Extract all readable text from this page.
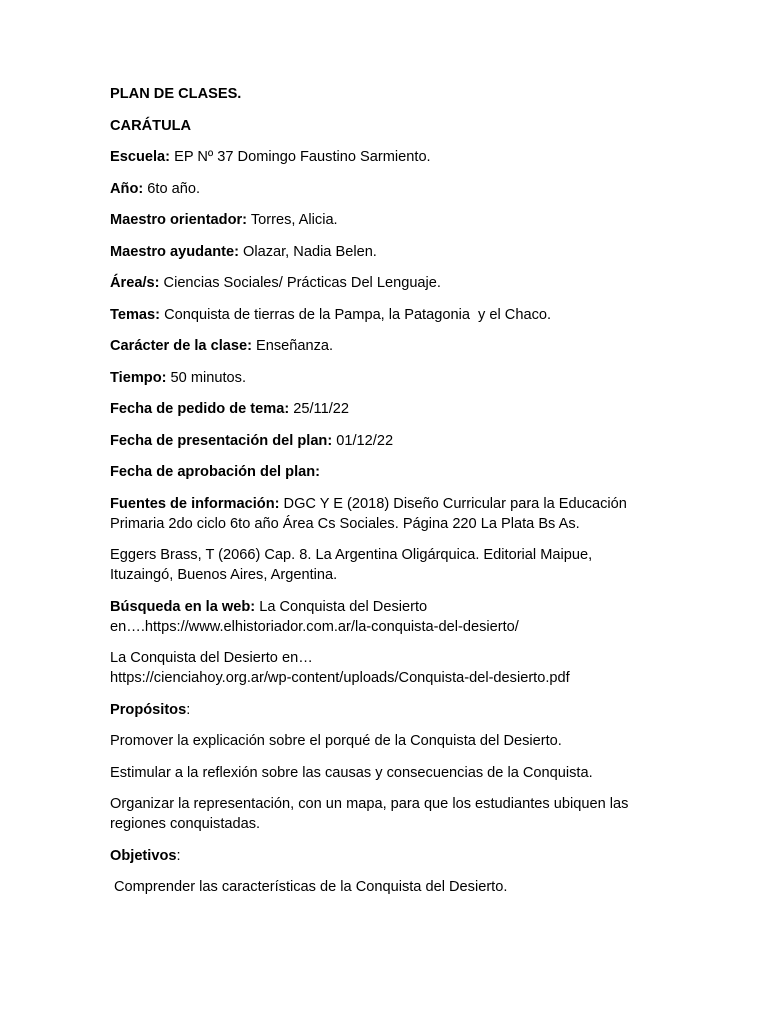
PLAN DE CLASES.

CARÁTULA

Escuela: EP Nº 37 Domingo Faustino Sarmiento.

Año: 6to año.

Maestro orientador: Torres, Alicia.

Maestro ayudante: Olazar, Nadia Belen.

Área/s: Ciencias Sociales/ Prácticas Del Lenguaje.

Temas: Conquista de tierras de la Pampa, la Patagonia  y el Chaco.

Carácter de la clase: Enseñanza.

Tiempo: 50 minutos.

Fecha de pedido de tema: 25/11/22

Fecha de presentación del plan: 01/12/22

Fecha de aprobación del plan:

Fuentes de información: DGC Y E (2018) Diseño Curricular para la Educación Primaria 2do ciclo 6to año Área Cs Sociales. Página 220 La Plata Bs As.

Eggers Brass, T (2066) Cap. 8. La Argentina Oligárquica. Editorial Maipue, Ituzaingó, Buenos Aires, Argentina.

Búsqueda en la web: La Conquista del Desierto
en….https://www.elhistoriador.com.ar/la-conquista-del-desierto/

La Conquista del Desierto en…
https://cienciahoy.org.ar/wp-content/uploads/Conquista-del-desierto.pdf

Propósitos:

Promover la explicación sobre el porqué de la Conquista del Desierto.

Estimular a la reflexión sobre las causas y consecuencias de la Conquista.

Organizar la representación, con un mapa, para que los estudiantes ubiquen las regiones conquistadas.

Objetivos:

Comprender las características de la Conquista del Desierto.
